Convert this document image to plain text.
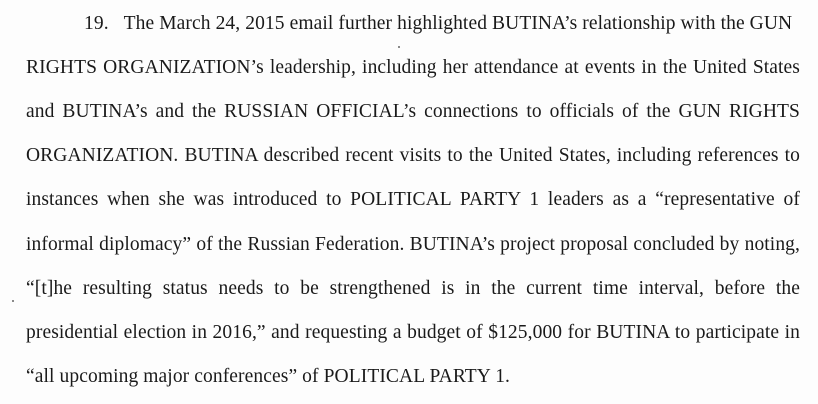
19. The March 24, 2015 email further highlighted BUTINA’s relationship with the GUN
RIGHTS ORGANIZATION’s leadership, including her attendance at events in the United States
and BUTINA’s and the RUSSIAN OFFICIAL’s connections to officials of the GUN RIGHTS
ORGANIZATION. BUTINA described recent visits to the United States, including references to
instances when she was introduced to POLITICAL PARTY 1 leaders as a “representative of
informal diplomacy” of the Russian Federation. BUTINA’s project proposal concluded by noting,
“[t]he resulting status needs to be strengthened is in the current time interval, before the
presidential election in 2016,” and requesting a budget of $125,000 for BUTINA to participate in
“all upcoming major conferences” of POLITICAL PARTY 1.
